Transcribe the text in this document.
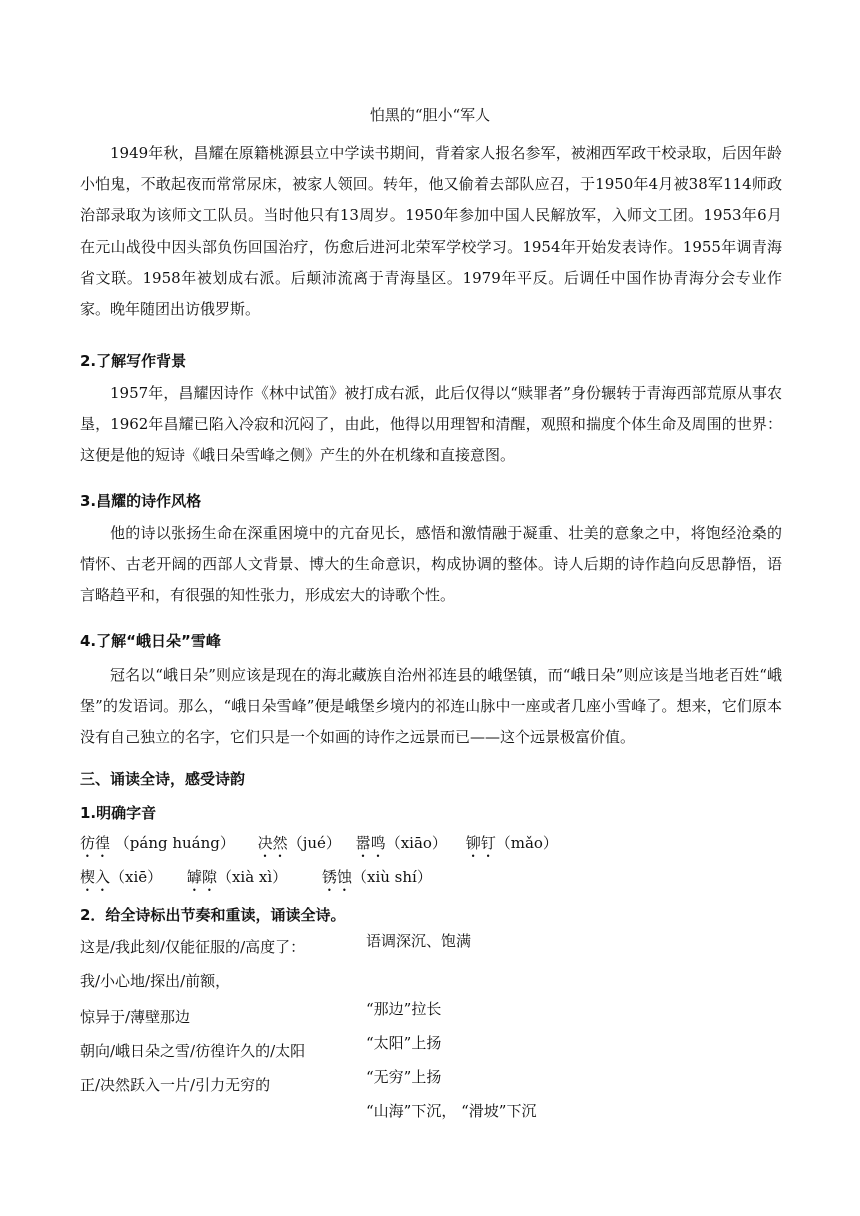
怕黑的“胆小“军人
1949年秋，昌耀在原籍桃源县立中学读书期间，背着家人报名参军，被湘西军政干校录取，后因年龄小怕鬼，不敢起夜而常常尿床，被家人领回。转年，他又偷着去部队应召，于1950年4月被38军114师政治部录取为该师文工队员。当时他只有13周岁。1950年参加中国人民解放军，入师文工团。1953年6月在元山战役中因头部负伤回国治疗，伤愈后进河北荣军学校学习。1954年开始发表诗作。1955年调青海省文联。1958年被划成右派。后颠沛流离于青海垦区。1979年平反。后调任中国作协青海分会专业作家。晚年随团出访俄罗斯。
2.了解写作背景
1957年，昌耀因诗作《林中试笛》被打成右派，此后仅得以“赎罪者”身份辗转于青海西部荒原从事农垦，1962年昌耀已陷入冷寂和沉闷了，由此，他得以用理智和清醒，观照和揣度个体生命及周围的世界：这便是他的短诗《峨日朵雪峰之侧》产生的外在机缘和直接意图。
3.昌耀的诗作风格
他的诗以张扬生命在深重困境中的亢奋见长，感悟和激情融于凝重、壮美的意象之中，将饱经沧桑的情怀、古老开阔的西部人文背景、博大的生命意识，构成协调的整体。诗人后期的诗作趋向反思静悟，语言略趋平和，有很强的知性张力，形成宏大的诗歌个性。
4.了解“峨日朵”雪峰
冠名以“峨日朵”则应该是现在的海北藏族自治州祁连县的峨堡镇，而“峨日朵”则应该是当地老百姓“峨堡”的发语词。那么，“峨日朵雪峰”便是峨堡乡境内的祁连山脉中一座或者几座小雪峰了。想来，它们原本没有自己独立的名字，它们只是一个如画的诗作之远景而已——这个远景极富价值。
三、诵读全诗，感受诗韵
1.明确字音
彷徨 （páng huáng） 决然（jué） 嚣鸣（xiāo） 铆钉（mǎo）
楔入（xiē） 罅隙（xià xì） 锈蚀（xiù shí）
2．给全诗标出节奏和重读，诵读全诗。
这是/我此刻/仅能征服的/高度了：
我/小心地/探出/前额，
惊异于/薄壁那边
朝向/峨日朵之雪/彷徨许久的/太阳
正/决然跃入一片/引力无穷的
语调深沉、饱满
“那边”拉长
“太阳”上扬
“无穷”上扬
“山海”下沉， “滑坡”下沉
